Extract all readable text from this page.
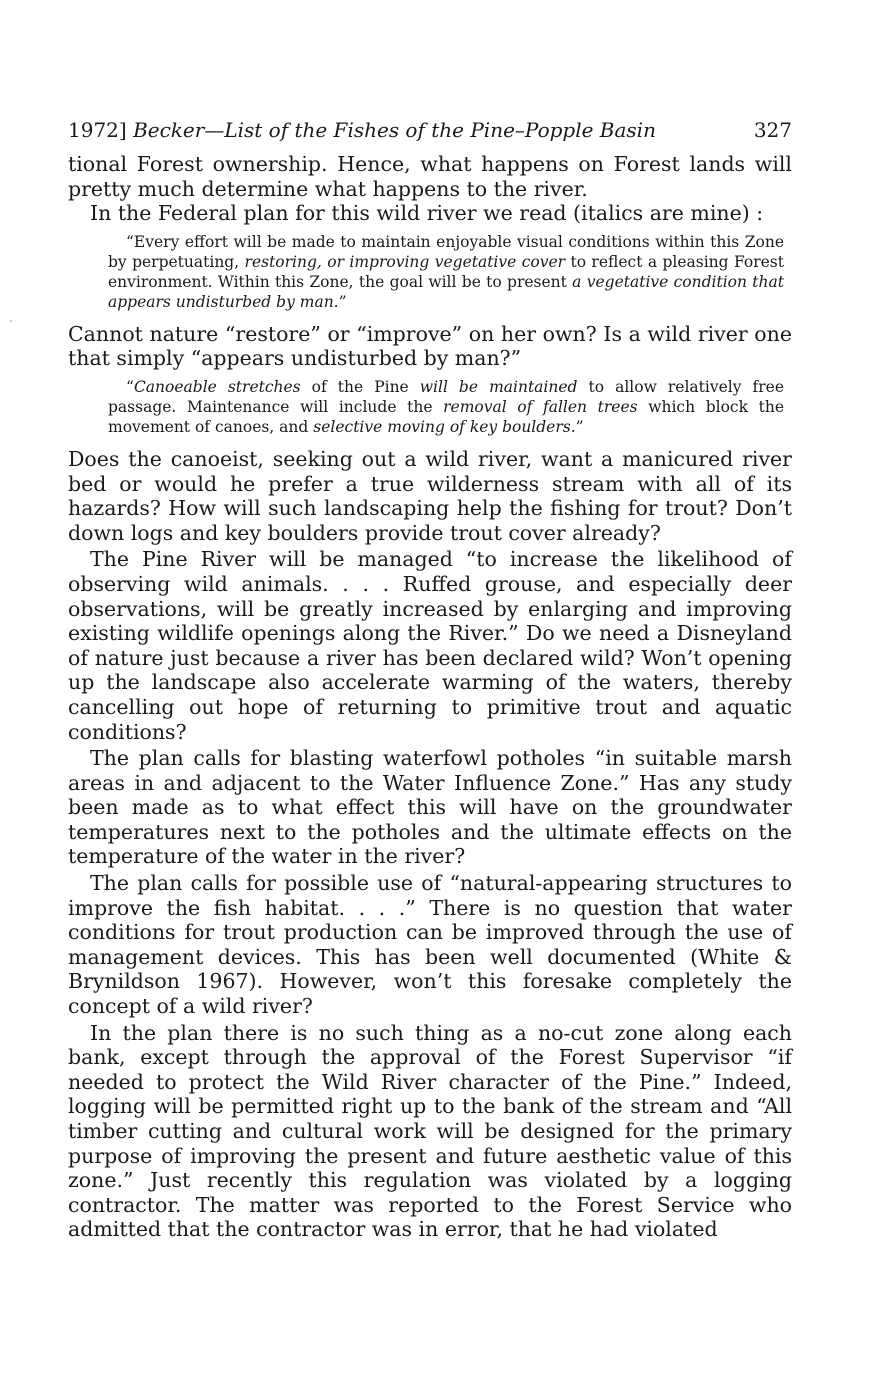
1972] Becker—List of the Fishes of the Pine–Popple Basin	327

tional Forest ownership. Hence, what happens on Forest lands will pretty much determine what happens to the river.

In the Federal plan for this wild river we read (italics are mine) :

“Every effort will be made to maintain enjoyable visual conditions within this Zone by perpetuating, restoring, or improving vegetative cover to reflect a pleasing Forest environment. Within this Zone, the goal will be to present a vegetative condition that appears undisturbed by man.”

Cannot nature “restore” or “improve” on her own? Is a wild river one that simply “appears undisturbed by man?”

“Canoeable stretches of the Pine will be maintained to allow relatively free passage. Maintenance will include the removal of fallen trees which block the movement of canoes, and selective moving of key boulders.”

Does the canoeist, seeking out a wild river, want a manicured river bed or would he prefer a true wilderness stream with all of its hazards? How will such landscaping help the fishing for trout? Don’t down logs and key boulders provide trout cover already?

The Pine River will be managed “to increase the likelihood of observing wild animals. . . . Ruffed grouse, and especially deer observations, will be greatly increased by enlarging and improving existing wildlife openings along the River.” Do we need a Disneyland of nature just because a river has been declared wild? Won’t opening up the landscape also accelerate warming of the waters, thereby cancelling out hope of returning to primitive trout and aquatic conditions?

The plan calls for blasting waterfowl potholes “in suitable marsh areas in and adjacent to the Water Influence Zone.” Has any study been made as to what effect this will have on the groundwater temperatures next to the potholes and the ultimate effects on the temperature of the water in the river?

The plan calls for possible use of “natural-appearing structures to improve the fish habitat. . . .” There is no question that water conditions for trout production can be improved through the use of management devices. This has been well documented (White & Brynildson 1967). However, won’t this foresake completely the concept of a wild river?

In the plan there is no such thing as a no-cut zone along each bank, except through the approval of the Forest Supervisor “if needed to protect the Wild River character of the Pine.” Indeed, logging will be permitted right up to the bank of the stream and “All timber cutting and cultural work will be designed for the primary purpose of improving the present and future aesthetic value of this zone.” Just recently this regulation was violated by a logging contractor. The matter was reported to the Forest Service who admitted that the contractor was in error, that he had violated
